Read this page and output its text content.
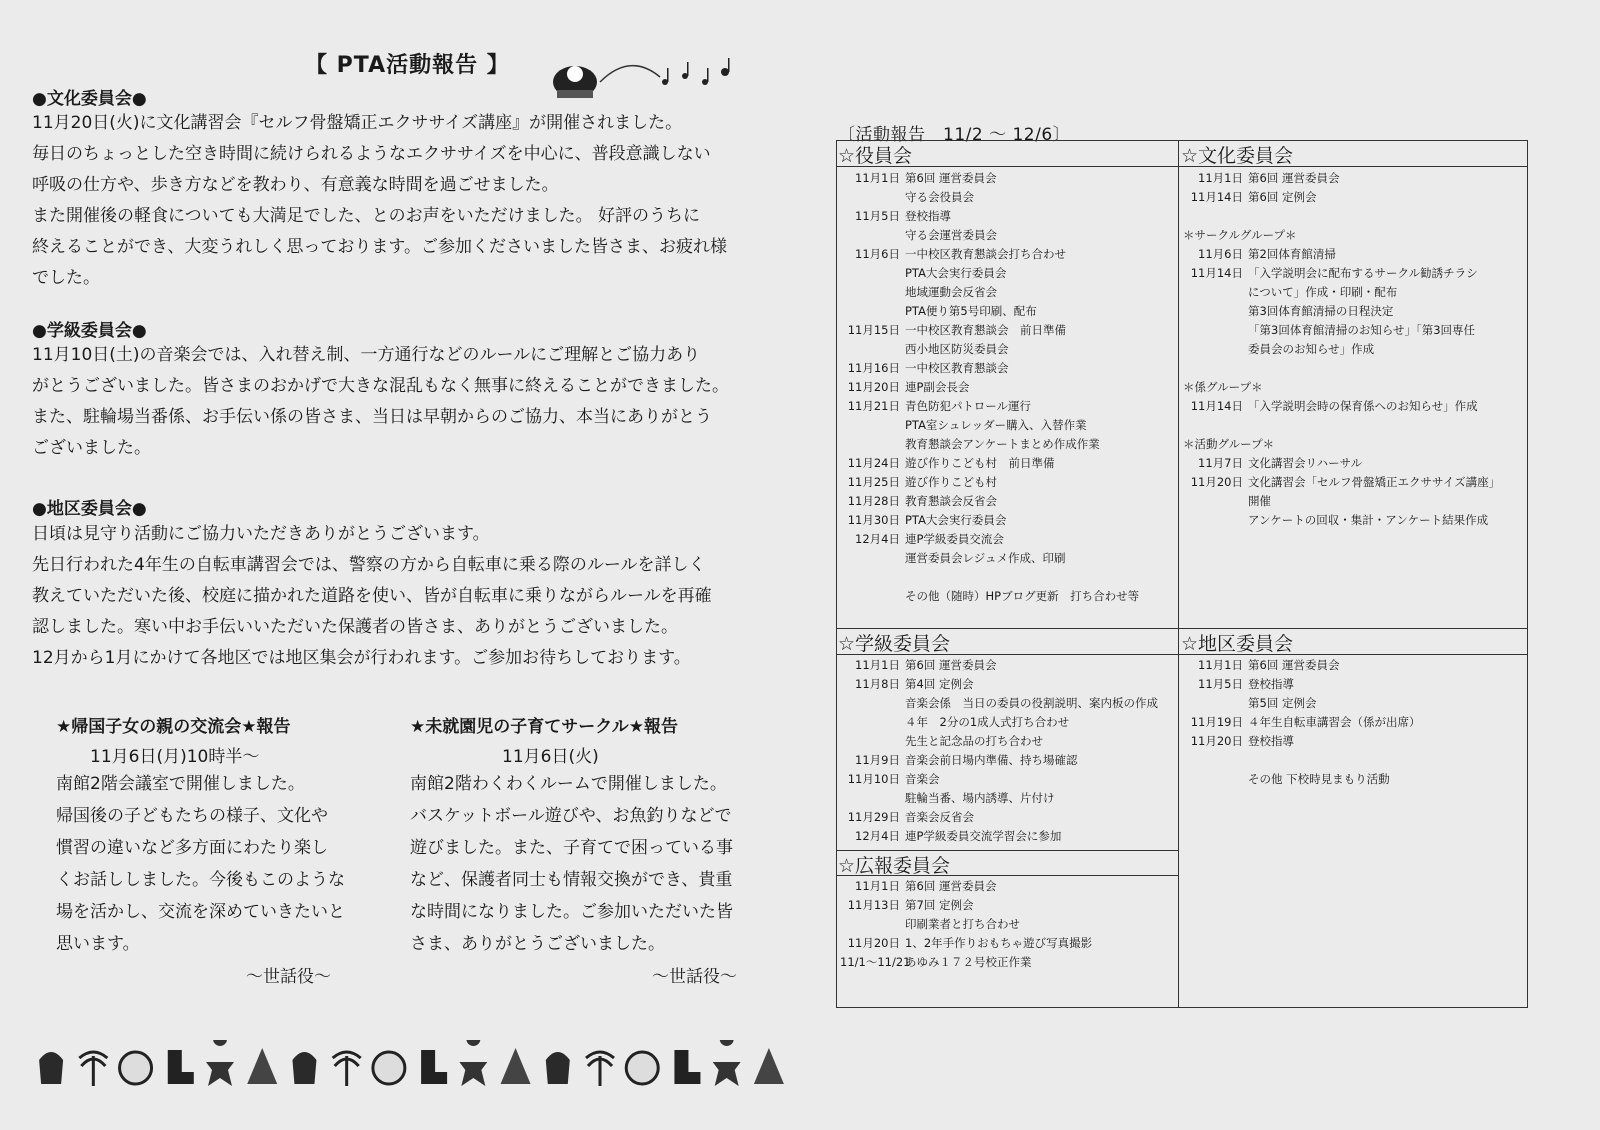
【 PTA活動報告 】
●文化委員会●
11月20日(火)に文化講習会『セルフ骨盤矯正エクササイズ講座』が開催されました。
毎日のちょっとした空き時間に続けられるようなエクササイズを中心に、普段意識しない
呼吸の仕方や、歩き方などを教わり、有意義な時間を過ごせました。
また開催後の軽食についても大満足でした、とのお声をいただけました。 好評のうちに
終えることができ、大変うれしく思っております。ご参加くださいました皆さま、お疲れ様
でした。
●学級委員会●
11月10日(土)の音楽会では、入れ替え制、一方通行などのルールにご理解とご協力あり
がとうございました。皆さまのおかげで大きな混乱もなく無事に終えることができました。
また、駐輪場当番係、お手伝い係の皆さま、当日は早朝からのご協力、本当にありがとう
ございました。
●地区委員会●
日頃は見守り活動にご協力いただきありがとうございます。
先日行われた4年生の自転車講習会では、警察の方から自転車に乗る際のルールを詳しく
教えていただいた後、校庭に描かれた道路を使い、皆が自転車に乗りながらルールを再確
認しました。寒い中お手伝いいただいた保護者の皆さま、ありがとうございました。
12月から1月にかけて各地区では地区集会が行われます。ご参加お待ちしております。
★帰国子女の親の交流会★報告
11月6日(月)10時半～
南館2階会議室で開催しました。
帰国後の子どもたちの様子、文化や
慣習の違いなど多方面にわたり楽し
くお話ししました。今後もこのような
場を活かし、交流を深めていきたいと
思います。
～世話役～
★未就園児の子育てサークル★報告
11月6日(火)
南館2階わくわくルームで開催しました。
バスケットボール遊びや、お魚釣りなどで
遊びました。また、子育てで困っている事
など、保護者同士も情報交換ができ、貴重
な時間になりました。ご参加いただいた皆
さま、ありがとうございました。
～世話役～
〔活動報告　11/2 ～ 12/6〕
☆役員会	☆文化委員会
☆学級委員会	☆地区委員会
☆広報委員会
11月1日 第6回 運営委員会
守る会役員会
11月5日 登校指導
守る会運営委員会
11月6日 一中校区教育懇談会打ち合わせ
PTA大会実行委員会
地域運動会反省会
PTA便り第5号印刷、配布
11月15日 一中校区教育懇談会　前日準備
西小地区防災委員会
11月16日 一中校区教育懇談会
11月20日 連P副会長会
11月21日 青色防犯パトロール運行
PTA室シュレッダー購入、入替作業
教育懇談会アンケートまとめ作成作業
11月24日 遊び作りこども村　前日準備
11月25日 遊び作りこども村
11月28日 教育懇談会反省会
11月30日 PTA大会実行委員会
12月4日 連P学級委員交流会
運営委員会レジュメ作成、印刷
その他（随時）HPブログ更新　打ち合わせ等
11月1日 第6回 運営委員会
11月14日 第6回 定例会
＊サークルグループ＊
11月6日 第2回体育館清掃
11月14日 「入学説明会に配布するサークル勧誘チラシ
について」作成・印刷・配布
第3回体育館清掃の日程決定
「第3回体育館清掃のお知らせ」「第3回専任
委員会のお知らせ」作成
＊係グループ＊
11月14日 「入学説明会時の保育係へのお知らせ」作成
＊活動グループ＊
11月7日 文化講習会リハーサル
11月20日 文化講習会「セルフ骨盤矯正エクササイズ講座」
開催
アンケートの回収・集計・アンケート結果作成
11月1日 第6回 運営委員会
11月8日 第4回 定例会
音楽会係　当日の委員の役割説明、案内板の作成
４年　2分の1成人式打ち合わせ
先生と記念品の打ち合わせ
11月9日 音楽会前日場内準備、持ち場確認
11月10日 音楽会
駐輪当番、場内誘導、片付け
11月29日 音楽会反省会
12月4日 連P学級委員交流学習会に参加
11月1日 第6回 運営委員会
11月5日 登校指導
第5回 定例会
11月19日 ４年生自転車講習会（係が出席）
11月20日 登校指導
その他 下校時見まもり活動
11月1日 第6回 運営委員会
11月13日 第7回 定例会
印刷業者と打ち合わせ
11月20日 1、2年手作りおもちゃ遊び写真撮影
11/1～11/21あゆみ１７２号校正作業
